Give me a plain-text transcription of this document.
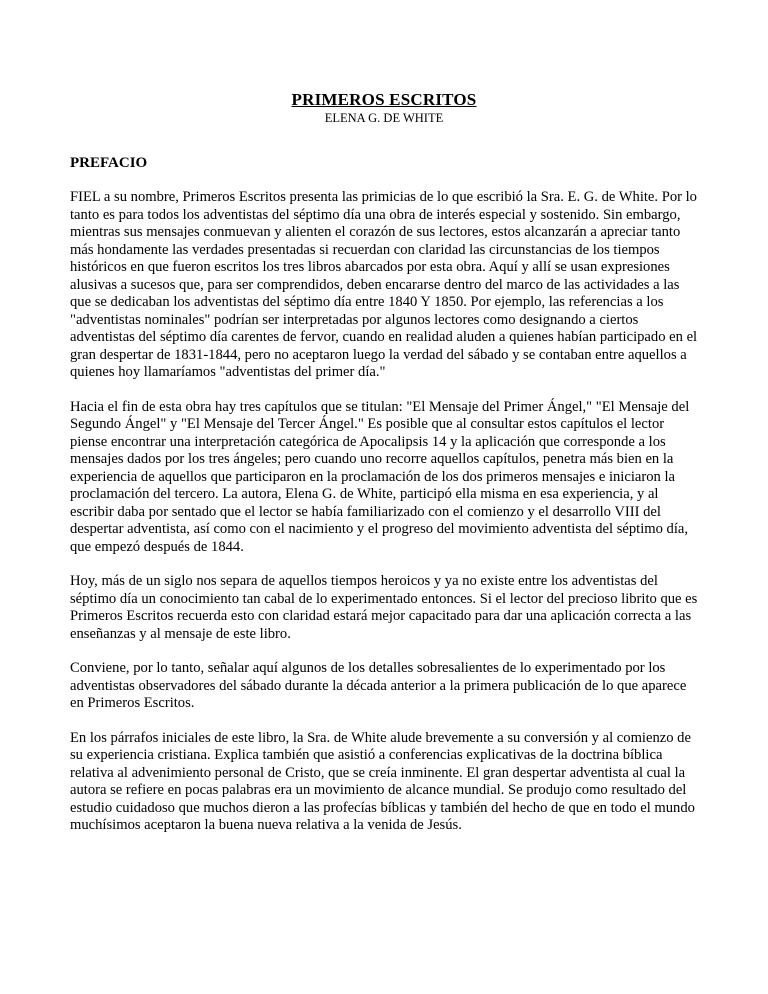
PRIMEROS ESCRITOS
ELENA G. DE WHITE
PREFACIO

FIEL a su nombre, Primeros Escritos presenta las primicias de lo que escribió la Sra. E. G. de White. Por lo tanto es para todos los adventistas del séptimo día una obra de interés especial y sostenido. Sin embargo, mientras sus mensajes conmuevan y alienten el corazón de sus lectores, estos alcanzarán a apreciar tanto más hondamente las verdades presentadas si recuerdan con claridad las circunstancias de los tiempos históricos en que fueron escritos los tres libros abarcados por esta obra. Aquí y allí se usan expresiones alusivas a sucesos que, para ser comprendidos, deben encararse dentro del marco de las actividades a las que se dedicaban los adventistas del séptimo día entre 1840 Y 1850. Por ejemplo, las referencias a los "adventistas nominales" podrían ser interpretadas por algunos lectores como designando a ciertos adventistas del séptimo día carentes de fervor, cuando en realidad aluden a quienes habían participado en el gran despertar de 1831-1844, pero no aceptaron luego la verdad del sábado y se contaban entre aquellos a quienes hoy llamaríamos "adventistas del primer día."

Hacia el fin de esta obra hay tres capítulos que se titulan: "El Mensaje del Primer Ángel," "El Mensaje del Segundo Ángel" y "El Mensaje del Tercer Ángel." Es posible que al consultar estos capítulos el lector piense encontrar una interpretación categórica de Apocalipsis 14 y la aplicación que corresponde a los mensajes dados por los tres ángeles; pero cuando uno recorre aquellos capítulos, penetra más bien en la experiencia de aquellos que participaron en la proclamación de los dos primeros mensajes e iniciaron la proclamación del tercero. La autora, Elena G. de White, participó ella misma en esa experiencia, y al escribir daba por sentado que el lector se había familiarizado con el comienzo y el desarrollo VIII del despertar adventista, así como con el nacimiento y el progreso del movimiento adventista del séptimo día, que empezó después de 1844.

Hoy, más de un siglo nos separa de aquellos tiempos heroicos y ya no existe entre los adventistas del séptimo día un conocimiento tan cabal de lo experimentado entonces. Si el lector del precioso librito que es Primeros Escritos recuerda esto con claridad estará mejor capacitado para dar una aplicación correcta a las enseñanzas y al mensaje de este libro.

Conviene, por lo tanto, señalar aquí algunos de los detalles sobresalientes de lo experimentado por los adventistas observadores del sábado durante la década anterior a la primera publicación de lo que aparece en Primeros Escritos.

En los párrafos iniciales de este libro, la Sra. de White alude brevemente a su conversión y al comienzo de su experiencia cristiana. Explica también que asistió a conferencias explicativas de la doctrina bíblica relativa al advenimiento personal de Cristo, que se creía inminente. El gran despertar adventista al cual la autora se refiere en pocas palabras era un movimiento de alcance mundial. Se produjo como resultado del estudio cuidadoso que muchos dieron a las profecías bíblicas y también del hecho de que en todo el mundo muchísimos aceptaron la buena nueva relativa a la venida de Jesús.
